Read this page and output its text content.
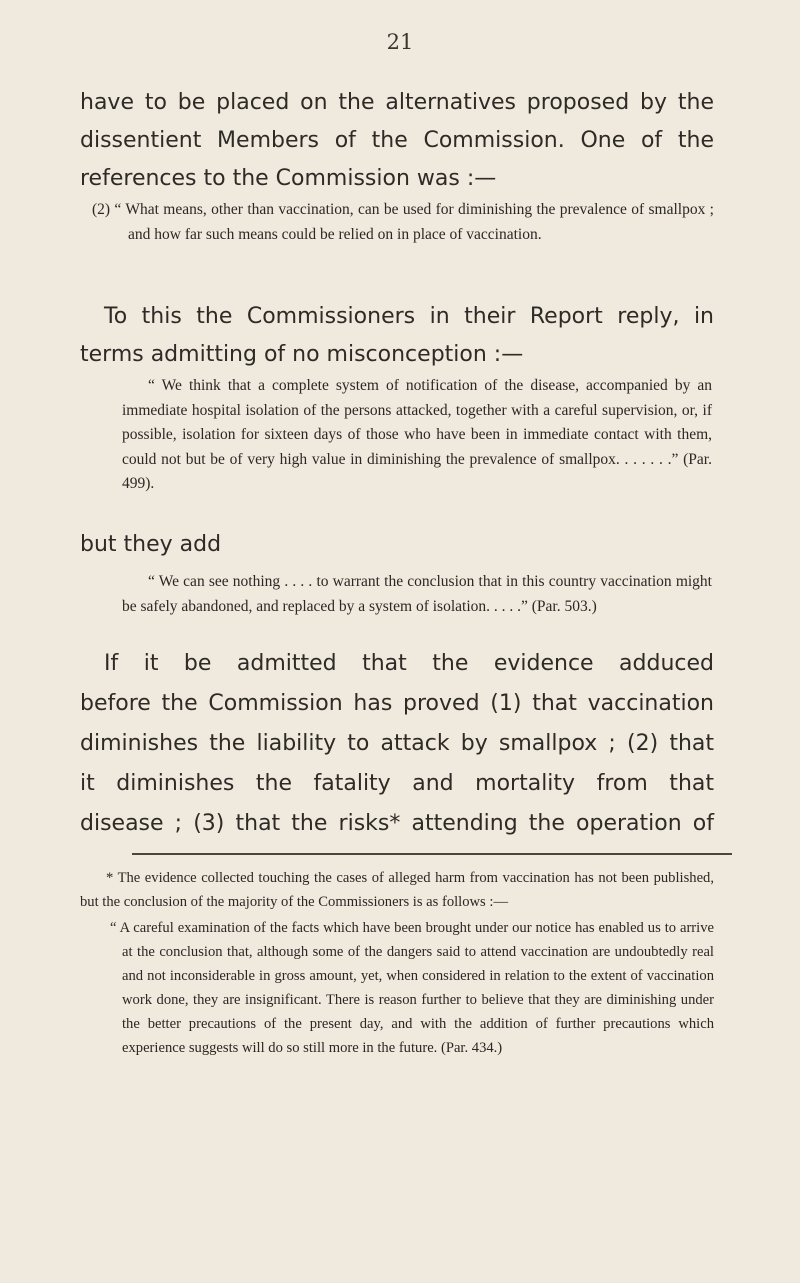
21
have to be placed on the alternatives proposed by the
dissentient Members of the Commission. One of the
references to the Commission was :—

(2) “ What means, other than vaccination, can be used for diminishing the prevalence of smallpox ; and how far such means could be relied on in place of vaccination.

To this the Commissioners in their Report reply, in
terms admitting of no misconception :—

“ We think that a complete system of notification of the disease, accompanied by an immediate hospital isolation of the persons attacked, together with a careful supervision, or, if possible, isolation for sixteen days of those who have been in immediate contact with them, could not but be of very high value in diminishing the prevalence of smallpox. . . . . . .” (Par. 499).

but they add

“ We can see nothing . . . . to warrant the conclusion that in this country vaccination might be safely abandoned, and replaced by a system of isolation. . . . .” (Par. 503.)

If it be admitted that the evidence adduced
before the Commission has proved (1) that vaccination
diminishes the liability to attack by smallpox ; (2) that
it diminishes the fatality and mortality from that
disease ; (3) that the risks* attending the operation of

* The evidence collected touching the cases of alleged harm from vaccination has not been published, but the conclusion of the majority of the Commissioners is as follows :—

“ A careful examination of the facts which have been brought under our notice has enabled us to arrive at the conclusion that, although some of the dangers said to attend vaccination are undoubtedly real and not inconsiderable in gross amount, yet, when considered in relation to the extent of vaccination work done, they are insignificant. There is reason further to believe that they are diminishing under the better precautions of the present day, and with the addition of further precautions which experience suggests will do so still more in the future. (Par. 434.)
